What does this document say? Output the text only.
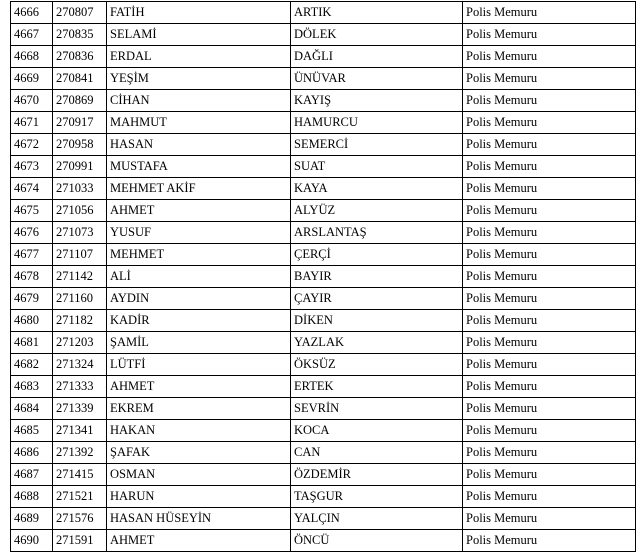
4666	270807	FATİH	ARTIK	Polis Memuru
4667	270835	SELAMİ	DÖLEK	Polis Memuru
4668	270836	ERDAL	DAĞLI	Polis Memuru
4669	270841	YEŞİM	ÜNÜVAR	Polis Memuru
4670	270869	CİHAN	KAYIŞ	Polis Memuru
4671	270917	MAHMUT	HAMURCU	Polis Memuru
4672	270958	HASAN	SEMERCİ	Polis Memuru
4673	270991	MUSTAFA	SUAT	Polis Memuru
4674	271033	MEHMET AKİF	KAYA	Polis Memuru
4675	271056	AHMET	ALYÜZ	Polis Memuru
4676	271073	YUSUF	ARSLANTAŞ	Polis Memuru
4677	271107	MEHMET	ÇERÇİ	Polis Memuru
4678	271142	ALİ	BAYIR	Polis Memuru
4679	271160	AYDIN	ÇAYIR	Polis Memuru
4680	271182	KADİR	DİKEN	Polis Memuru
4681	271203	ŞAMİL	YAZLAK	Polis Memuru
4682	271324	LÜTFİ	ÖKSÜZ	Polis Memuru
4683	271333	AHMET	ERTEK	Polis Memuru
4684	271339	EKREM	SEVRİN	Polis Memuru
4685	271341	HAKAN	KOCA	Polis Memuru
4686	271392	ŞAFAK	CAN	Polis Memuru
4687	271415	OSMAN	ÖZDEMİR	Polis Memuru
4688	271521	HARUN	TAŞGUR	Polis Memuru
4689	271576	HASAN HÜSEYİN	YALÇIN	Polis Memuru
4690	271591	AHMET	ÖNCÜ	Polis Memuru
